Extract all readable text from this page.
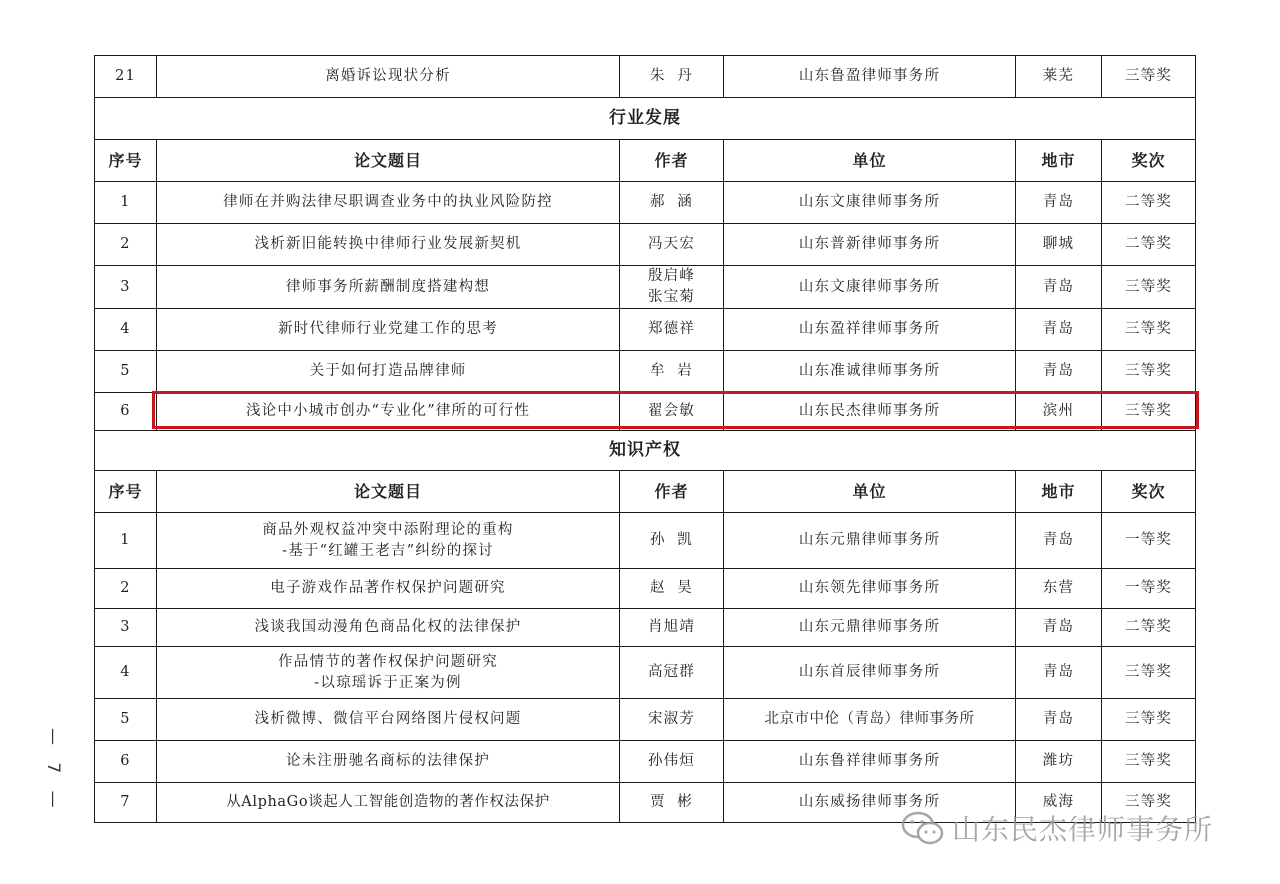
21	离婚诉讼现状分析	朱  丹	山东鲁盈律师事务所	莱芜	三等奖
行业发展					
序号	论文题目	作者	单位	地市	奖次
1	律师在并购法律尽职调查业务中的执业风险防控	郝  涵	山东文康律师事务所	青岛	二等奖
2	浅析新旧能转换中律师行业发展新契机	冯天宏	山东普新律师事务所	聊城	二等奖
3	律师事务所薪酬制度搭建构想	殷启峰
张宝菊	山东文康律师事务所	青岛	三等奖
4	新时代律师行业党建工作的思考	郑德祥	山东盈祥律师事务所	青岛	三等奖
5	关于如何打造品牌律师	牟  岩	山东准诚律师事务所	青岛	三等奖
6	浅论中小城市创办“专业化”律所的可行性	翟会敏	山东民杰律师事务所	滨州	三等奖
知识产权					
序号	论文题目	作者	单位	地市	奖次
1	商品外观权益冲突中添附理论的重构
-基于“红罐王老吉”纠纷的探讨	孙  凯	山东元鼎律师事务所	青岛	一等奖
2	电子游戏作品著作权保护问题研究	赵  昊	山东领先律师事务所	东营	一等奖
3	浅谈我国动漫角色商品化权的法律保护	肖旭靖	山东元鼎律师事务所	青岛	二等奖
4	作品情节的著作权保护问题研究
-以琼瑶诉于正案为例	高冠群	山东首辰律师事务所	青岛	三等奖
5	浅析微博、微信平台网络图片侵权问题	宋淑芳	北京市中伦（青岛）律师事务所	青岛	三等奖
6	论未注册驰名商标的法律保护	孙伟烜	山东鲁祥律师事务所	潍坊	三等奖
7	从AlphaGo谈起人工智能创造物的著作权法保护	贾  彬	山东威扬律师事务所	威海	三等奖
— 7 —
山东民杰律师事务所
